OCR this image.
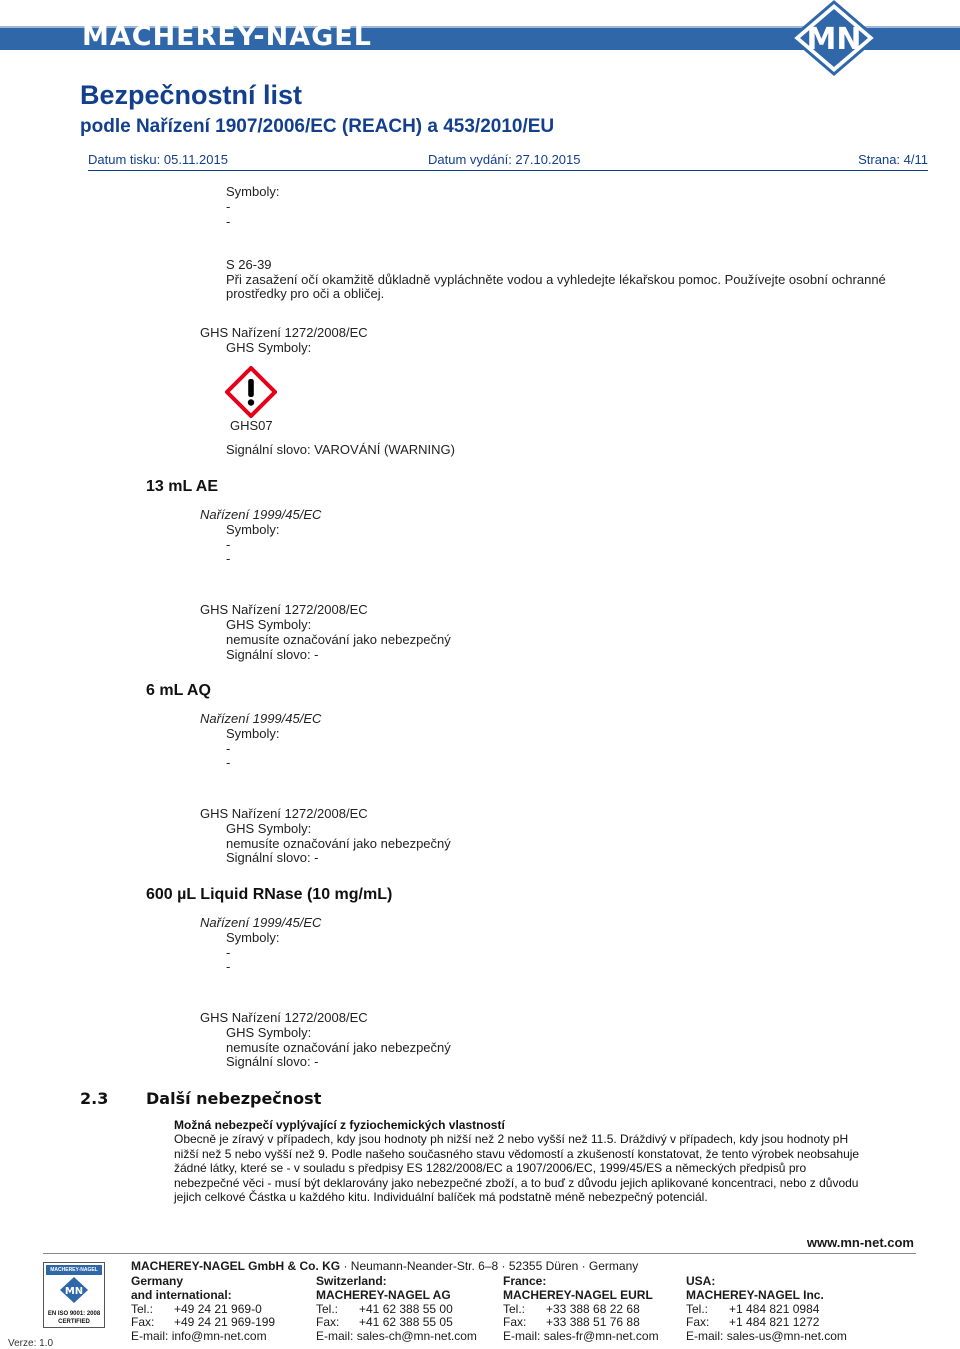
MACHEREY-NAGEL	MN
Bezpečnostní list
podle Nařízení 1907/2006/EC (REACH) a 453/2010/EU
Datum tisku: 05.11.2015	Datum vydání: 27.10.2015	Strana: 4/11
Symboly:
-
-
S 26-39
Při zasažení očí okamžitě důkladně vypláchněte vodou a vyhledejte lékařskou pomoc. Používejte osobní ochranné
prostředky pro oči a obličej.
GHS Nařízení 1272/2008/EC
GHS Symboly:
GHS07
Signální slovo: VAROVÁNÍ (WARNING)
13 mL AE
Nařízení 1999/45/EC
Symboly:
-
-
GHS Nařízení 1272/2008/EC
GHS Symboly:
nemusíte označování jako nebezpečný
Signální slovo: -
6 mL AQ
Nařízení 1999/45/EC
Symboly:
-
-
GHS Nařízení 1272/2008/EC
GHS Symboly:
nemusíte označování jako nebezpečný
Signální slovo: -
600 µL Liquid RNase (10 mg/mL)
Nařízení 1999/45/EC
Symboly:
-
-
GHS Nařízení 1272/2008/EC
GHS Symboly:
nemusíte označování jako nebezpečný
Signální slovo: -
2.3 Další nebezpečnost
Možná nebezpečí vyplývající z fyziochemických vlastností
Obecně je zíravý v případech, kdy jsou hodnoty ph nižší než 2 nebo vyšší než 11.5. Dráždivý v případech, kdy jsou hodnoty pH
nižší než 5 nebo vyšší než 9. Podle našeho současného stavu vědomostí a zkušeností konstatovat, že tento výrobek neobsahuje
žádné látky, které se - v souladu s předpisy ES 1282/2008/EC a 1907/2006/EC, 1999/45/ES a německých předpisů pro
nebezpečné věci - musí být deklarovány jako nebezpečné zboží, a to buď z důvodu jejich aplikované koncentraci, nebo z důvodu
jejich celkové Částka u každého kitu. Individuální balíček má podstatně méně nebezpečný potenciál.
www.mn-net.com
MACHEREY-NAGEL
MN
EN ISO 9001: 2008
CERTIFIED
Verze: 1.0
MACHEREY-NAGEL GmbH & Co. KG · Neumann-Neander-Str. 6–8 · 52355 Düren · Germany
Germany
and international:
Tel.: +49 24 21 969-0
Fax: +49 24 21 969-199
E-mail: info@mn-net.com
Switzerland:
MACHEREY-NAGEL AG
Tel.: +41 62 388 55 00
Fax: +41 62 388 55 05
E-mail: sales-ch@mn-net.com
France:
MACHEREY-NAGEL EURL
Tel.: +33 388 68 22 68
Fax: +33 388 51 76 88
E-mail: sales-fr@mn-net.com
USA:
MACHEREY-NAGEL Inc.
Tel.: +1 484 821 0984
Fax: +1 484 821 1272
E-mail: sales-us@mn-net.com
